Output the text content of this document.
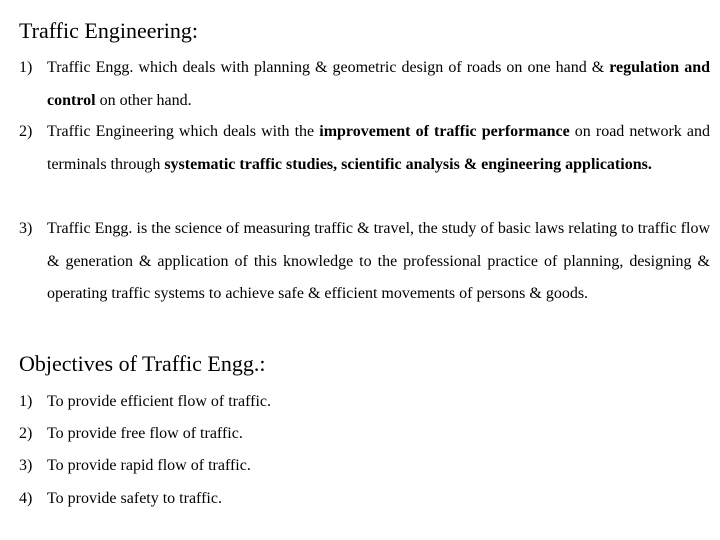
Traffic Engineering:
1) Traffic Engg. which deals with planning & geometric design of roads on one hand & regulation and control on other hand.
2) Traffic Engineering which deals with the improvement of traffic performance on road network and terminals through systematic traffic studies, scientific analysis & engineering applications.
3) Traffic Engg. is the science of measuring traffic & travel, the study of basic laws relating to traffic flow & generation & application of this knowledge to the professional practice of planning, designing & operating traffic systems to achieve safe & efficient movements of persons & goods.
Objectives of Traffic Engg.:
1) To provide efficient flow of traffic.
2) To provide free flow of traffic.
3) To provide rapid flow of traffic.
4) To provide safety to traffic.
